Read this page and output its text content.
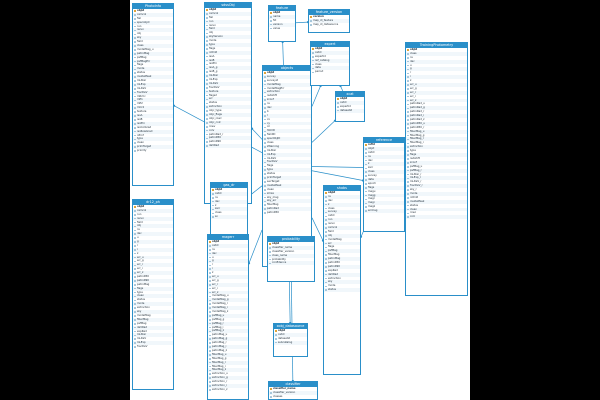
PhotoInfo
objid
camcol
fiel
specobjid
run
rerun
obj
sky
field
class
modelMag_u
petroMag
psfMag
psfMagErr
flags
mode
status
insideMask
lnLStar
lnLExp
lnLDeV
fracDeV
mRrCc
mE1
mE2
mCr4
texture
isoA
isoB
isoPhi
isoColGrad
isoRowGrad
nProf
type
clean
primTarget
priority
sdssObj
objid
camcol
fiel
run
rerun
field
obj
skyVersion
mode
type
flags
nChild
isoA
isoB
isoPhi
isoA_g
isoB_g
lnLStar
lnLExp
lnLDeV
fracDeV
texture
flags2
err
status
extinction
objc_type
objc_flags
objc_rowc
objc_colc
rowv
colv
petroRad_r
petroR50
petroR90
deVRad
feature
objid
name
fid
version
value
feature_version
version
map_id_feature
map_id_datasource
objects
objid
survey
surveyid
modelMag
modelMagErr
extinction
redshift
zconf
ra
dec
b
l
cx
cy
cz
htmID
fieldID
specObjID
class
zWarning
lnLStar
lnLExp
lnLDeV
fracDeV
flags
type
status
primTarget
secTarget
insideMask
clean
zmax
sky_mag
sky_err
fiberMag
petroRad
petroR50
expert
objid
catid
expertid
ref_catalog
class
date
period
xcat
objid
catid
expertid
datasetid
TrainingPhotometry
objid
class
ra
dec
u
g
r
i
z
err_u
err_g
err_r
err_i
err_z
petroRad_u
petroRad_g
petroRad_r
petroRad_i
petroRad_z
petroR50_u
petroR50_r
fiberMag_u
fiberMag_g
fiberMag_r
fiberMag_i
extinction
type
flags
redshift
zconf
psfMag_u
psfMag_r
lnLStar_r
lnLExp_r
lnLDeV_r
fracDeV_r
sky_r
mode
nChild
insideMask
status
clean
rowc
colc
reference
refid
objid
catid
ra
dec
z
zerr
class
survey
date
epoch
flags
magu
magg
magr
magi
magz
errmag
gas_dr
objid
catid
ra
dec
z
zerr
class
sn
dr12_ph
objid
camcol
run
rerun
field
obj
ra
dec
u
g
r
i
z
err_u
err_g
err_r
err_i
err_z
petroR50
petroR90
petroMag
flags
type
clean
status
mode
extinction
sky
modelMag
fiberMag
psfMag
deVRad
expRad
lnLStar
lnLDeV
lnLExp
fracDeV
shobs
objid
ra
dec
z
class
survey
catid
run
rerun
camcol
field
obj
modelMag
err
flags
psfMag
fiberMag
petroMag
petroR50
petroR90
expRad
deVRad
extinction
sky
mode
status
magerr
objid
catid
ra
dec
u
g
r
i
z
err_u
err_g
err_r
err_i
err_z
modelMag_u
modelMag_g
modelMag_r
modelMag_i
modelMag_z
psfMag_u
psfMag_g
psfMag_r
psfMag_i
psfMag_z
petroMag_u
petroMag_g
petroMag_r
petroMag_i
petroMag_z
fiberMag_u
fiberMag_g
fiberMag_r
fiberMag_i
fiberMag_z
extinction_u
extinction_g
extinction_r
extinction_i
extinction_z
probability
objid
classifier_name
classifier_version
class_name
probability
confidence
xobj_datasource
objid
catid
datasetid
subcatalog
classifier
classifier_name
classifier_version
classes
